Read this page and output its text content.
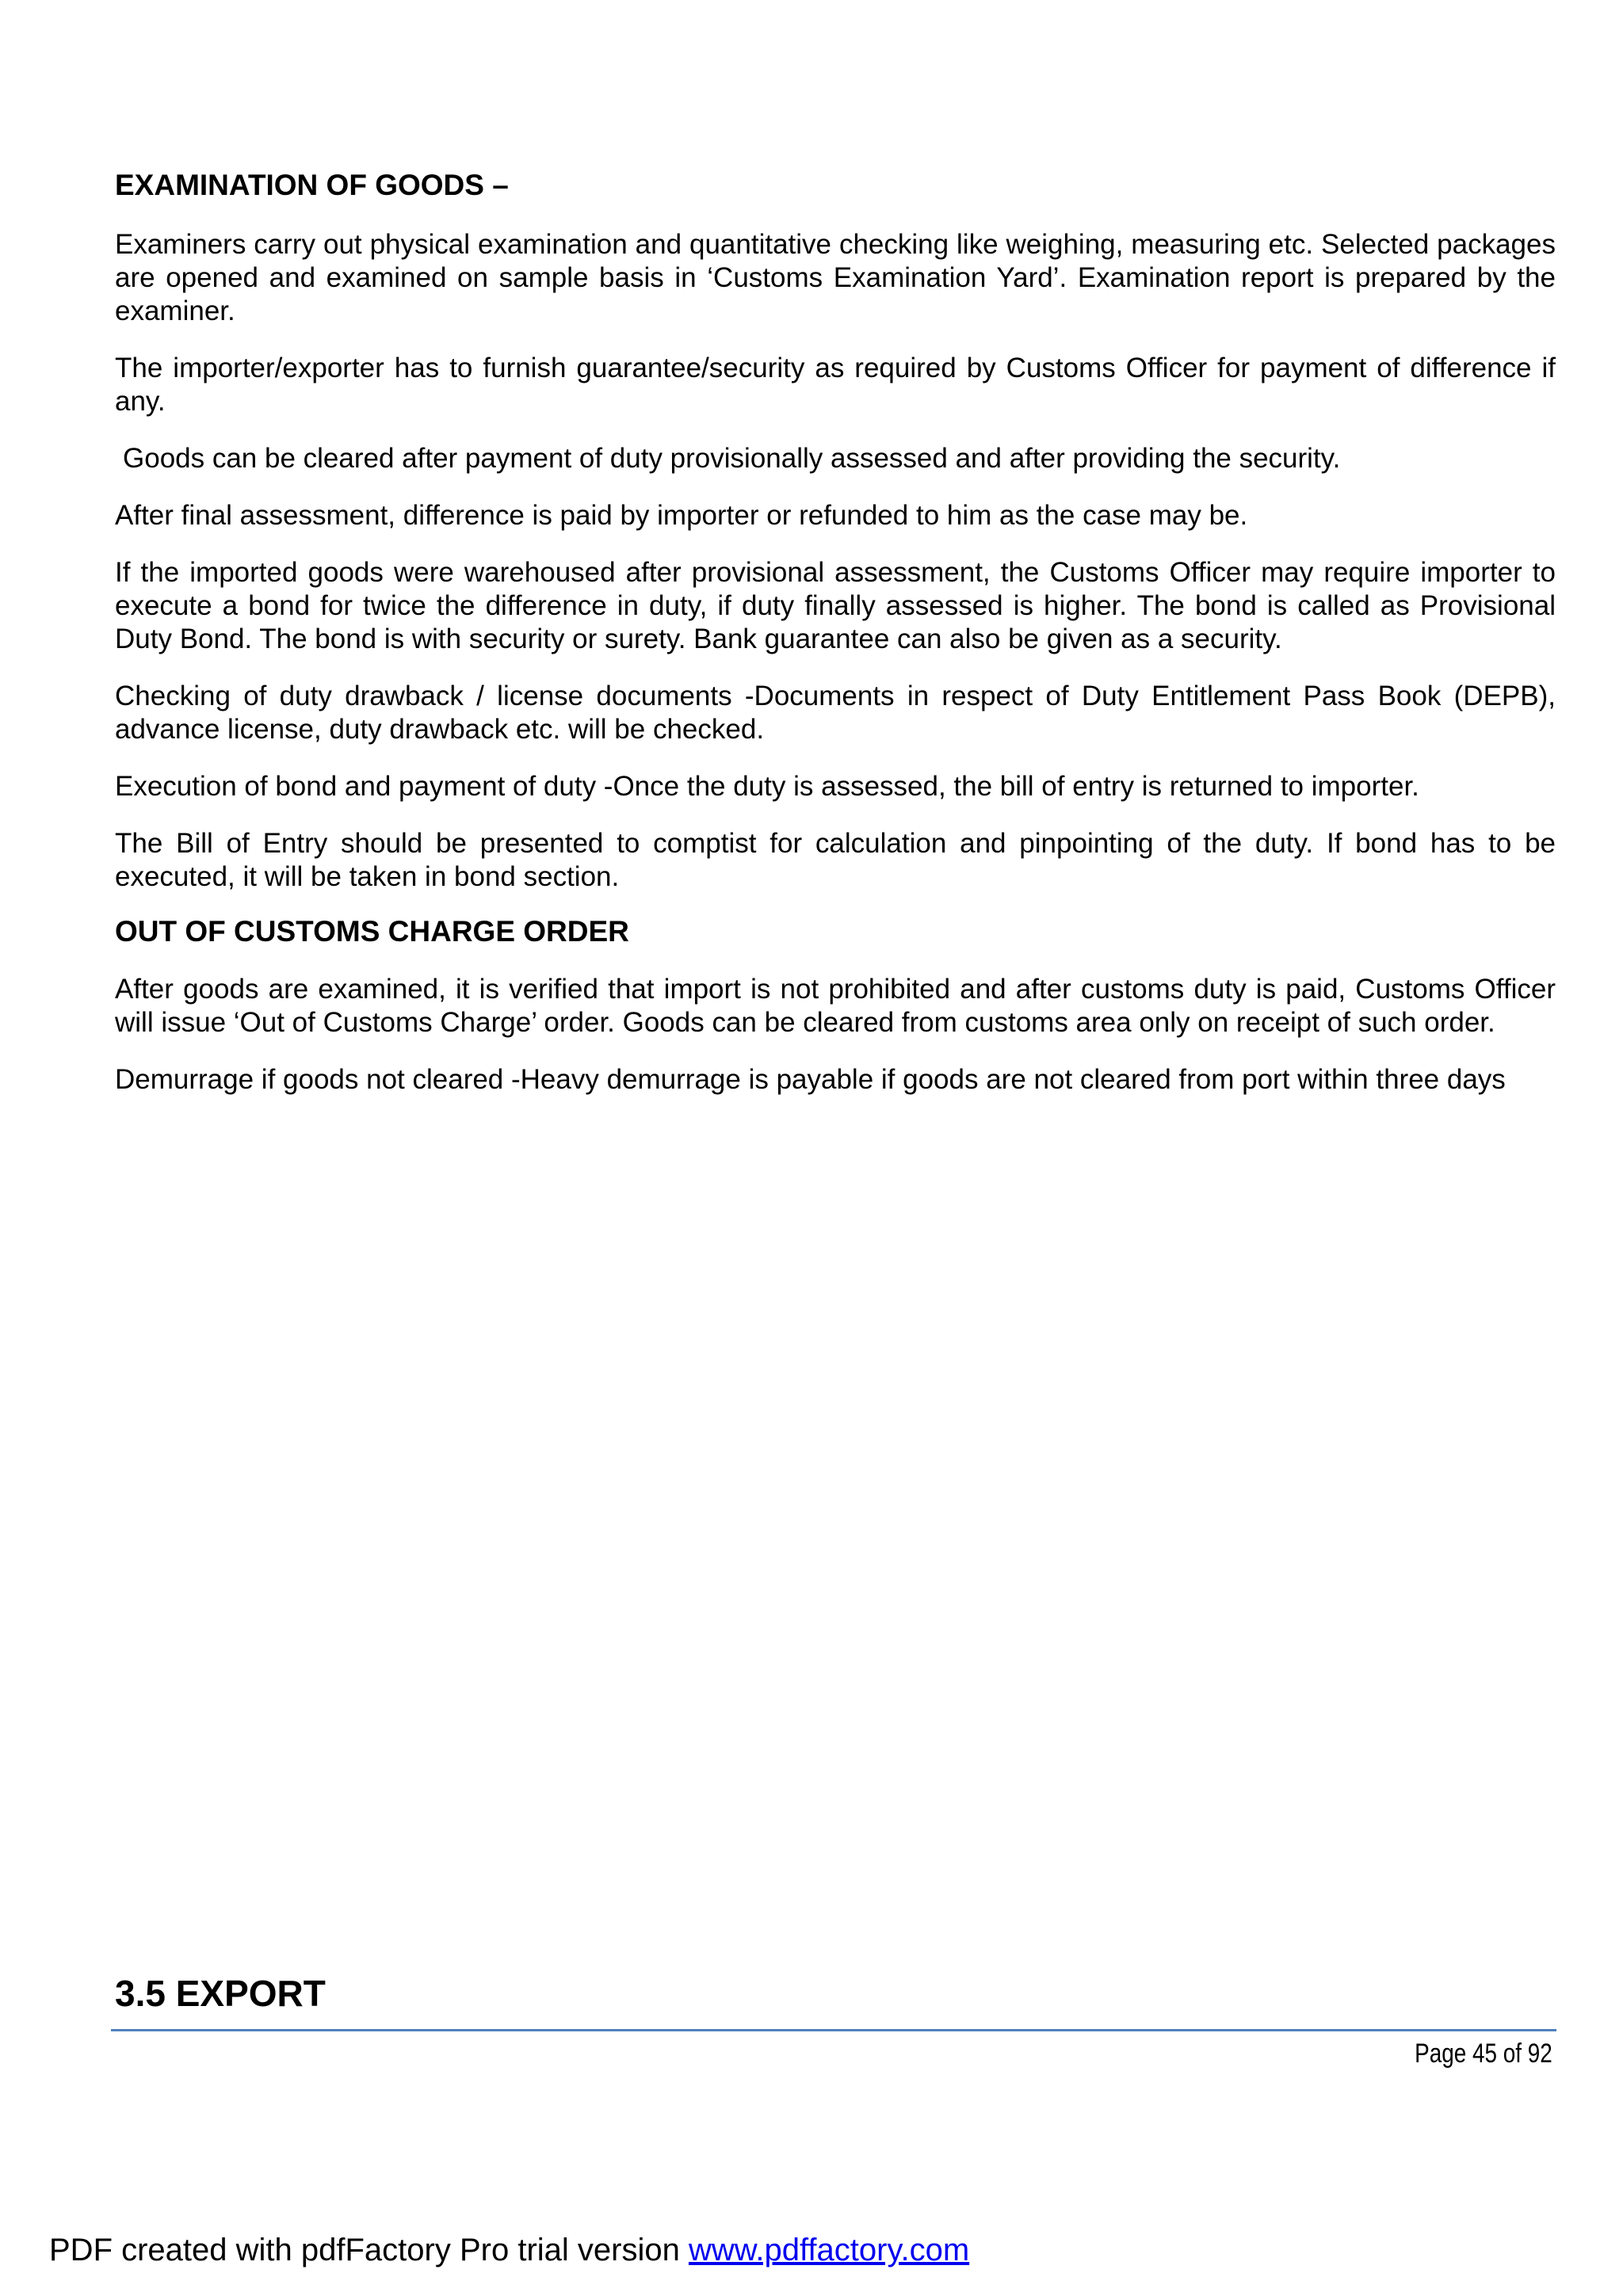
EXAMINATION OF GOODS –

Examiners carry out physical examination and quantitative checking like weighing, measuring etc. Selected packages are opened and examined on sample basis in ‘Customs Examination Yard’. Examination report is prepared by the examiner.

The importer/exporter has to furnish guarantee/security as required by Customs Officer for payment of difference if any.

Goods can be cleared after payment of duty provisionally assessed and after providing the security.

After final assessment, difference is paid by importer or refunded to him as the case may be.

If the imported goods were warehoused after provisional assessment, the Customs Officer may require importer to execute a bond for twice the difference in duty, if duty finally assessed is higher. The bond is called as Provisional Duty Bond. The bond is with security or surety. Bank guarantee can also be given as a security.

Checking of duty drawback / license documents -Documents in respect of Duty Entitlement Pass Book (DEPB), advance license, duty drawback etc. will be checked.

Execution of bond and payment of duty -Once the duty is assessed, the bill of entry is returned to importer.

The Bill of Entry should be presented to comptist for calculation and pinpointing of the duty. If bond has to be executed, it will be taken in bond section.

OUT OF CUSTOMS CHARGE ORDER

After goods are examined, it is verified that import is not prohibited and after customs duty is paid, Customs Officer will issue ‘Out of Customs Charge’ order. Goods can be cleared from customs area only on receipt of such order.

Demurrage if goods not cleared -Heavy demurrage is payable if goods are not cleared from port within three days

3.5 EXPORT
Page 45 of 92
PDF created with pdfFactory Pro trial version www.pdffactory.com
